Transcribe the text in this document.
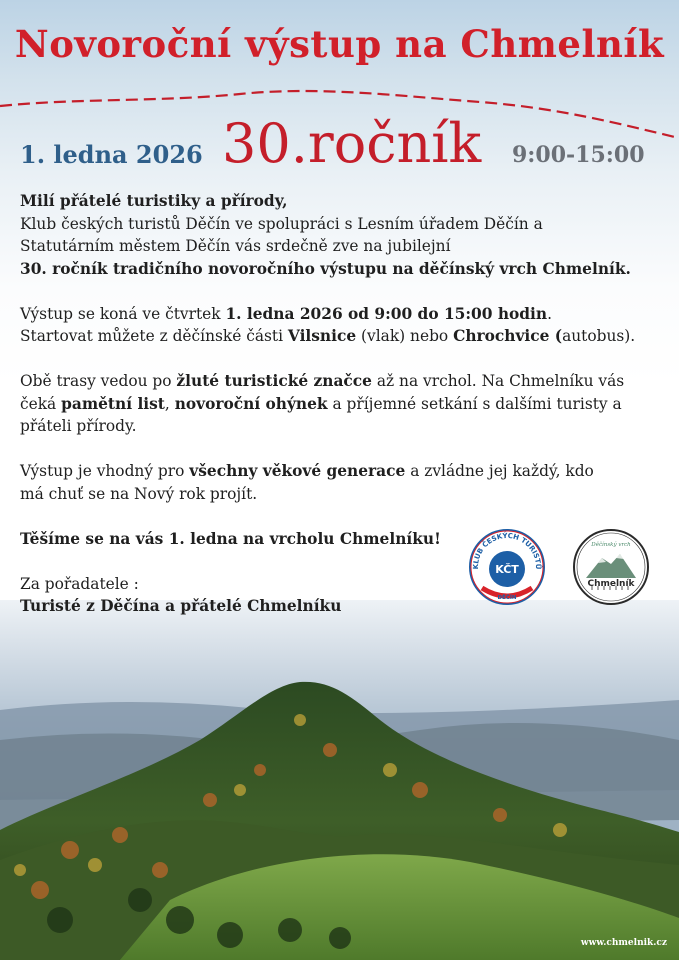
Novoroční výstup na Chmelník
1. ledna 2026 30.ročník 9:00-15:00

Milí přátelé turistiky a přírody,

Klub českých turistů Děčín ve spolupráci s Lesním úřadem Děčín a

Statutárním městem Děčín vás srdečně zve na jubilejní

30. ročník tradičního novoročního výstupu na děčínský vrch Chmelník.

Výstup se koná ve čtvrtek 1. ledna 2026 od 9:00 do 15:00 hodin.

Startovat můžete z děčínské části Vilsnice (vlak) nebo Chrochvice (autobus).

Obě trasy vedou po žluté turistické značce až na vrchol. Na Chmelníku vás

čeká pamětní list, novoroční ohýnek a příjemné setkání s dalšími turisty a

přáteli přírody.

Výstup je vhodný pro všechny věkové generace a zvládne jej každý, kdo

má chuť se na Nový rok projít.

Těšíme se na vás 1. ledna na vrcholu Chmelníku!

Za pořadatele :

Turisté z Děčína a přátelé Chmelníku

KLUB ČESKÝCH TURISTŮ
KČT
DĚČÍN
Děčínský vrch
Chmelník
www.chmelnik.cz
